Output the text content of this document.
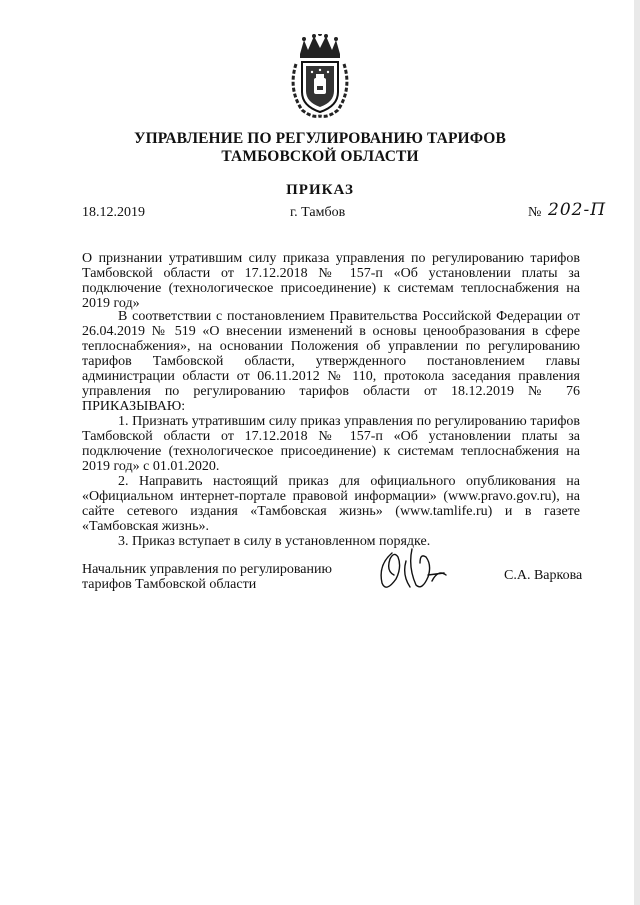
УПРАВЛЕНИЕ ПО РЕГУЛИРОВАНИЮ ТАРИФОВ
ТАМБОВСКОЙ ОБЛАСТИ
ПРИКАЗ
18.12.2019	г. Тамбов	№ 202-П
О признании утратившим силу приказа управления по регулированию тарифов Тамбовской области от 17.12.2018 № 157-п «Об установлении платы за подключение (технологическое присоединение) к системам теплоснабжения на 2019 год»

В соответствии с постановлением Правительства Российской Федерации от 26.04.2019 № 519 «О внесении изменений в основы ценообразования в сфере теплоснабжения», на основании Положения об управлении по регулированию тарифов Тамбовской области, утвержденного постановлением главы администрации области от 06.11.2012 № 110, протокола заседания правления управления по регулированию тарифов области от 18.12.2019 № 76 ПРИКАЗЫВАЮ:

1. Признать утратившим силу приказ управления по регулированию тарифов Тамбовской области от 17.12.2018 № 157-п «Об установлении платы за подключение (технологическое присоединение) к системам теплоснабжения на 2019 год» с 01.01.2020.

2. Направить настоящий приказ для официального опубликования на «Официальном интернет-портале правовой информации» (www.pravo.gov.ru), на сайте сетевого издания «Тамбовская жизнь» (www.tamlife.ru) и в газете «Тамбовская жизнь».

3. Приказ вступает в силу в установленном порядке.

Начальник управления по регулированию тарифов Тамбовской области
С.А. Варкова
